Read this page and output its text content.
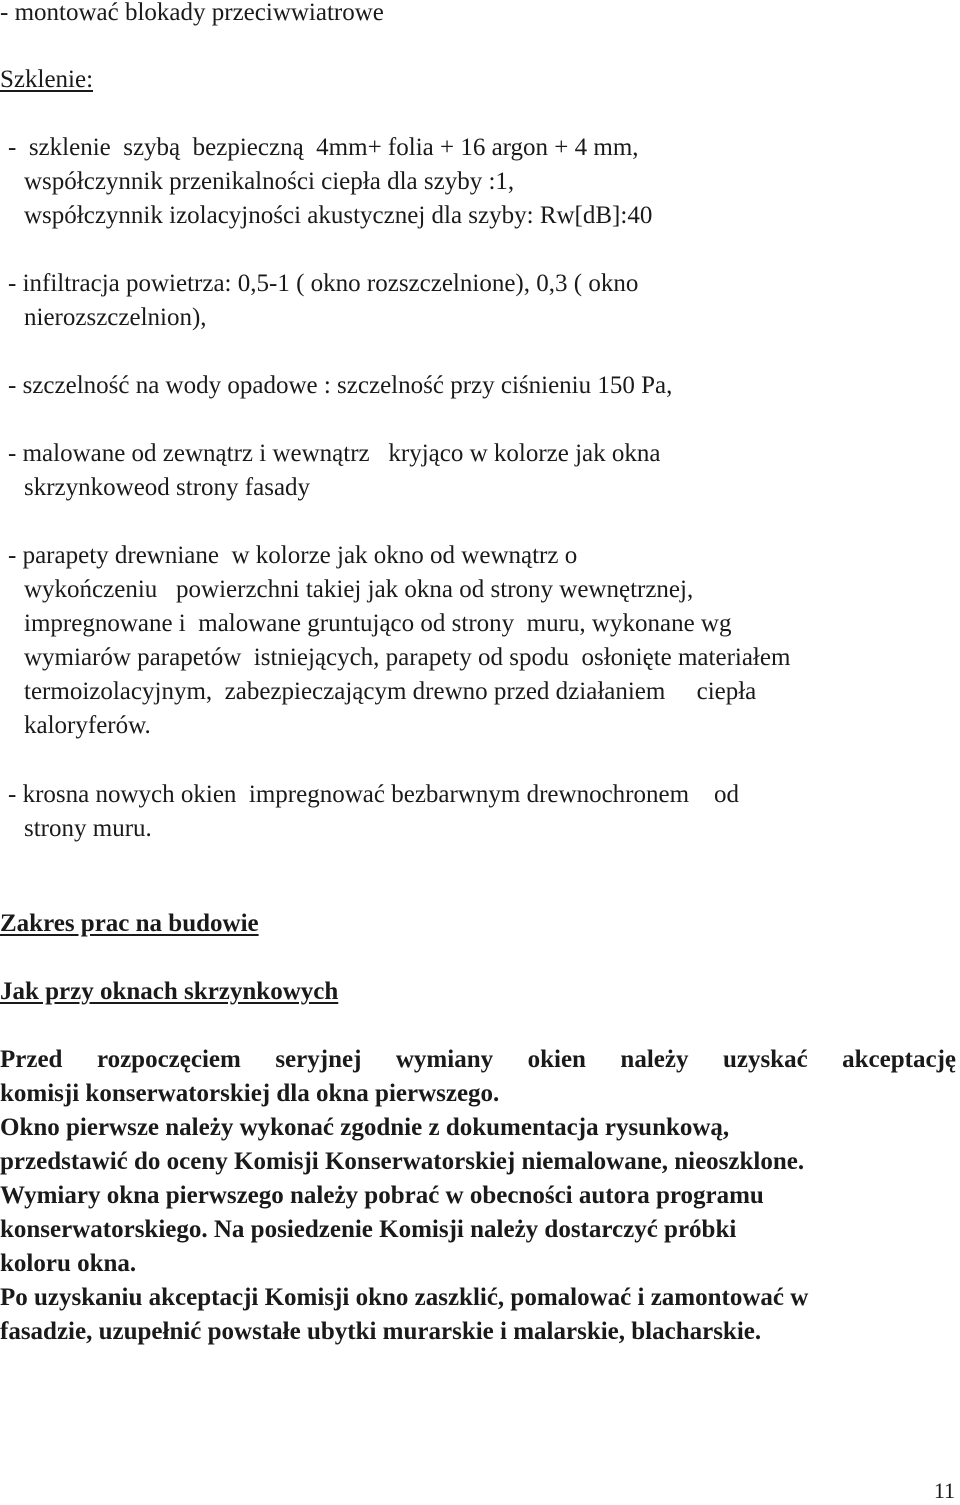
- montować blokady przeciwwiatrowe
Szklenie:
-  szklenie  szybą  bezpieczną  4mm+ folia + 16 argon + 4 mm,
współczynnik przenikalności ciepła dla szyby :1,
współczynnik izolacyjności akustycznej dla szyby: Rw[dB]:40
- infiltracja powietrza: 0,5-1 ( okno rozszczelnione), 0,3 ( okno
nierozszczelnion),
- szczelność na wody opadowe : szczelność przy ciśnieniu 150 Pa,
- malowane od zewnątrz i wewnątrz   kryjąco w kolorze jak okna
skrzynkoweod strony fasady
- parapety drewniane  w kolorze jak okno od wewnątrz o
wykończeniu   powierzchni takiej jak okna od strony wewnętrznej,
impregnowane i  malowane gruntująco od strony  muru, wykonane wg
wymiarów parapetów  istniejących, parapety od spodu  osłonięte materiałem
termoizolacyjnym,  zabezpieczającym drewno przed działaniem     ciepła
kaloryferów.
- krosna nowych okien  impregnować bezbarwnym drewnochronem    od
strony muru.
Zakres prac na budowie
Jak przy oknach skrzynkowych
Przed rozpoczęciem seryjnej wymiany okien należy uzyskać akceptację
komisji konserwatorskiej dla okna pierwszego.
Okno pierwsze należy wykonać zgodnie z dokumentacja rysunkową,
przedstawić do oceny Komisji Konserwatorskiej niemalowane, nieoszklone.
Wymiary okna pierwszego należy pobrać w obecności autora programu
konserwatorskiego. Na posiedzenie Komisji należy dostarczyć próbki
koloru okna.
Po uzyskaniu akceptacji Komisji okno zaszklić, pomalować i zamontować w
fasadzie, uzupełnić powstałe ubytki murarskie i malarskie, blacharskie.
11
